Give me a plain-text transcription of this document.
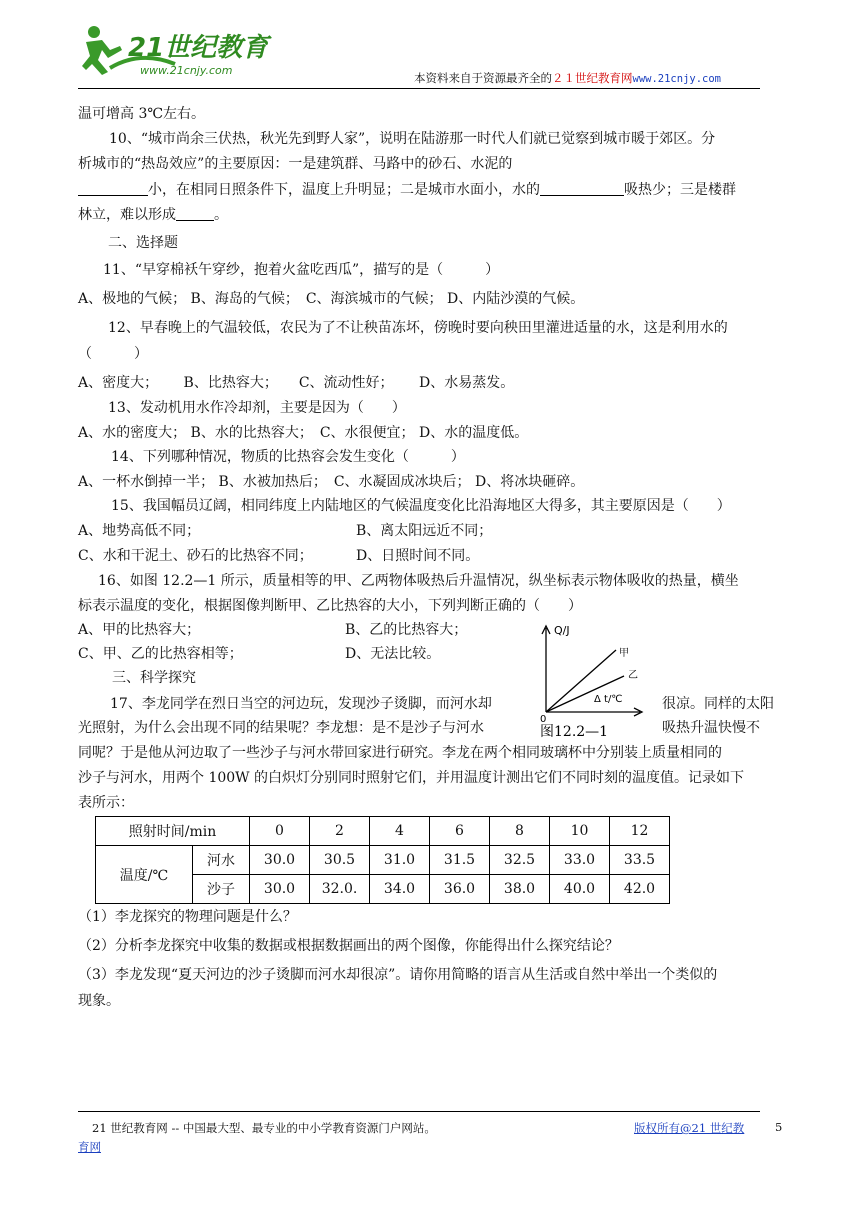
21世纪教育
www.21cnjy.com
本资料来自于资源最齐全的２１世纪教育网www.21cnjy.com
温可增高 3℃左右。
10、“城市尚余三伏热，秋光先到野人家”，说明在陆游那一时代人们就已觉察到城市暖于郊区。分
析城市的“热岛效应”的主要原因：一是建筑群、马路中的砂石、水泥的
小，在相同日照条件下，温度上升明显；二是城市水面小，水的	吸热少；三是楼群
林立，难以形成	。
二、选择题
11、“早穿棉袄午穿纱，抱着火盆吃西瓜”，描写的是（　　　）
A、极地的气候； B、海岛的气候；　C、海滨城市的气候； D、内陆沙漠的气候。
12、早春晚上的气温较低，农民为了不让秧苗冻坏，傍晚时要向秧田里灌进适量的水，这是利用水的
（　　　）
A、密度大；　　 B、比热容大；　　C、流动性好；　　 D、水易蒸发。
13、发动机用水作冷却剂，主要是因为（　　）
A、水的密度大； B、水的比热容大；　C、水很便宜； D、水的温度低。
14、下列哪种情况，物质的比热容会发生变化（　　　）
A、一杯水倒掉一半； B、水被加热后；　C、水凝固成冰块后； D、将冰块砸碎。
15、我国幅员辽阔，相同纬度上内陆地区的气候温度变化比沿海地区大得多，其主要原因是（　　）
A、地势高低不同；	B、离太阳远近不同；
C、水和干泥土、砂石的比热容不同；	D、日照时间不同。
16、如图 12.2—1 所示，质量相等的甲、乙两物体吸热后升温情况，纵坐标表示物体吸收的热量，横坐
标表示温度的变化，根据图像判断甲、乙比热容的大小，下列判断正确的（　　）
A、甲的比热容大；	B、乙的比热容大；
C、甲、乙的比热容相等；	D、无法比较。
三、科学探究
17、李龙同学在烈日当空的河边玩，发现沙子烫脚，而河水却	很凉。同样的太阳
光照射，为什么会出现不同的结果呢？李龙想：是不是沙子与河水	吸热升温快慢不
同呢？于是他从河边取了一些沙子与河水带回家进行研究。李龙在两个相同玻璃杯中分别装上质量相同的
沙子与河水，用两个 100W 的白炽灯分别同时照射它们，并用温度计测出它们不同时刻的温度值。记录如下
表所示：
Q/J
Δ t/℃
0
甲
乙
图12.2—1
照射时间/min		0	2	4	6	8	10	12
温度/℃	河水	30.0	30.5	31.0	31.5	32.5	33.0	33.5
	沙子	30.0	32.0.	34.0	36.0	38.0	40.0	42.0
（1）李龙探究的物理问题是什么？
（2）分析李龙探究中收集的数据或根据数据画出的两个图像，你能得出什么探究结论？
（3）李龙发现“夏天河边的沙子烫脚而河水却很凉”。请你用简略的语言从生活或自然中举出一个类似的
现象。
21 世纪教育网 -- 中国最大型、最专业的中小学教育资源门户网站。	版权所有@21 世纪教	5
育网
